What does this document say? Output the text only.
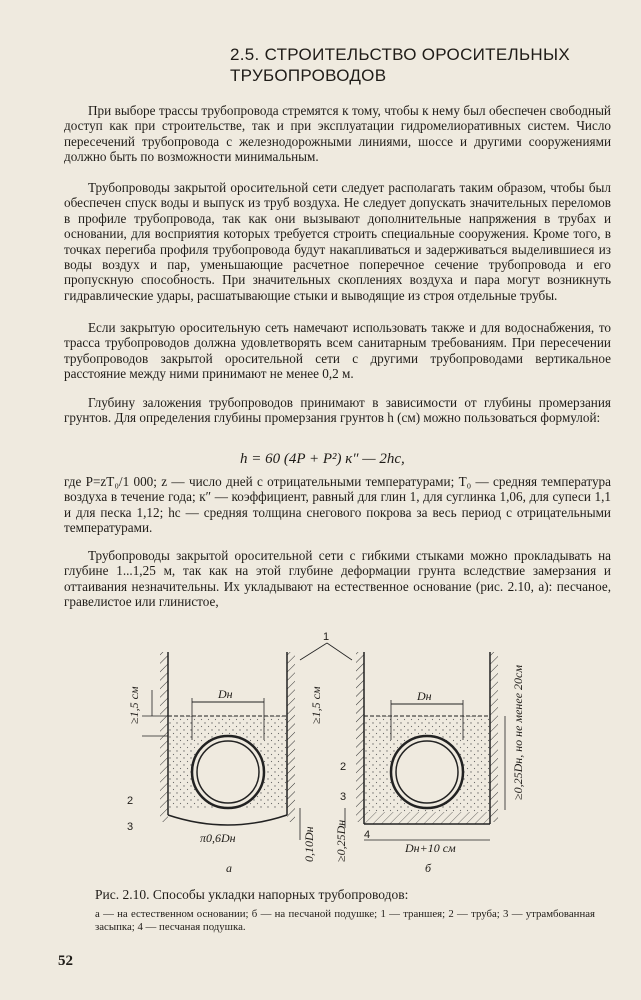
2.5. СТРОИТЕЛЬСТВО ОРОСИТЕЛЬНЫХ
ТРУБОПРОВОДОВ

При выборе трассы трубопровода стремятся к тому, чтобы к нему был обеспечен свободный доступ как при строительстве, так и при эксплуатации гидромелиоративных систем. Число пересечений трубопровода с железнодорожными линиями, шоссе и другими сооружениями должно быть по возможности минимальным.

Трубопроводы закрытой оросительной сети следует располагать таким образом, чтобы был обеспечен спуск воды и выпуск из труб воздуха. Не следует допускать значительных переломов в профиле трубопровода, так как они вызывают дополнительные напряжения в трубах и основании, для восприятия которых требуется строить специальные сооружения. Кроме того, в точках перегиба профиля трубопровода будут накапливаться и задерживаться выделившиеся из воды воздух и пар, уменьшающие расчетное поперечное сечение трубопровода и его пропускную способность. При значительных скоплениях воздуха и пара могут возникнуть гидравлические удары, расшатывающие стыки и выводящие из строя отдельные трубы.

Если закрытую оросительную сеть намечают использовать также и для водоснабжения, то трасса трубопроводов должна удовлетворять всем санитарным требованиям. При пересечении трубопроводов закрытой оросительной сети с другими трубопроводами вертикальное расстояние между ними принимают не менее 0,2 м.

Глубину заложения трубопроводов принимают в зависимости от глубины промерзания грунтов. Для определения глубины промерзания грунтов h (см) можно пользоваться формулой:

h = 60 (4P + P²) к″ — 2hс,

где P=zT₀/1 000; z — число дней с отрицательными температурами; T₀ — средняя температура воздуха в течение года; к″ — коэффициент, равный для глин 1, для суглинка 1,06, для супеси 1,1 и для песка 1,12; hс — средняя толщина снегового покрова за весь период с отрицательными температурами.

Трубопроводы закрытой оросительной сети с гибкими стыками можно прокладывать на глубине 1...1,25 м, так как на этой глубине деформации грунта вследствие замерзания и оттаивания незначительны. Их укладывают на естественное основание (рис. 2.10, а): песчаное, гравелистое или глинистое,

1
2
3
2
3
4
Dн	Dн
≥1,5 см	≥1,5 см
π0,6Dн	0,10Dн ≥0,25Dн	Dн+10 см
≥0,25Dн, но не менее 20см
а	б
Рис. 2.10. Способы укладки напорных трубопроводов:
а — на естественном основании; б — на песчаной подушке; 1 — траншея; 2 — труба; 3 — утрамбованная засыпка; 4 — песчаная подушка.
52
